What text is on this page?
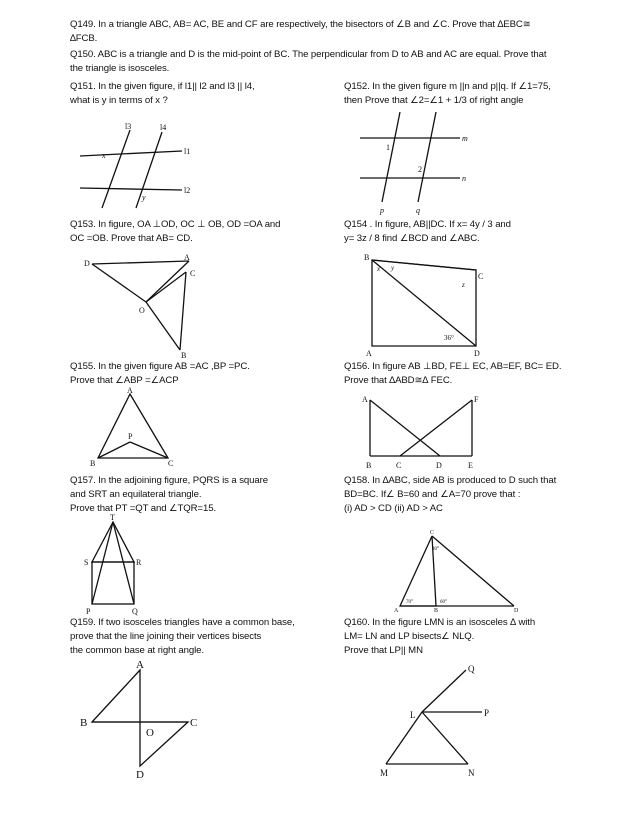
Q149. In a triangle ABC, AB= AC, BE and CF are respectively, the bisectors of ∠B and ∠C. Prove that ∆EBC≅
∆FCB.
Q150. ABC is a triangle and D is the mid-point of BC. The perpendicular from D to AB and AC are equal. Prove that
the triangle is isosceles.
Q151. In the given figure, if l1|| l2 and l3 || l4,
what is y in terms of x ?
Q152. In the given figure m ||n and p||q. If ∠1=75,
then Prove that ∠2=∠1 + 1/3 of right angle
Q153. In figure, OA ⊥OD, OC ⊥ OB, OD =OA and
OC =OB. Prove that AB= CD.
Q154 . In figure, AB||DC. If x= 4y / 3 and
y= 3z / 8 find ∠BCD and ∠ABC.
Q155. In the given figure AB =AC ,BP =PC.
Prove that ∠ABP =∠ACP
Q156. In figure AB ⊥BD, FE⊥ EC, AB=EF, BC= ED.
Prove that ∆ABD≅∆ FEC.
Q157. In the adjoining figure, PQRS is a square
and SRT an equilateral triangle.
Prove that PT =QT and ∠TQR=15.
Q158. In ∆ABC, side AB is produced to D such that
BD=BC. If∠ B=60 and ∠A=70 prove that :
(i) AD > CD (ii) AD > AC
Q159. If two isosceles triangles have a common base,
prove that the line joining their vertices bisects
the common base at right angle.
Q160. In the figure LMN is an isosceles ∆ with
LM= LN and LP bisects∠ NLQ.
Prove that LP|| MN
l3	l4
l1
l2
x
y
m
n
1
2
p	q
D
A
C
O
B
B
x y
C
z
36°
A	D
A
P
B	C
A	F
B	C	D	E
T
S	R
P	Q	A	B
C
D
70°	60°
30°
A
B	C
D
O
Q
L	P
M	N
